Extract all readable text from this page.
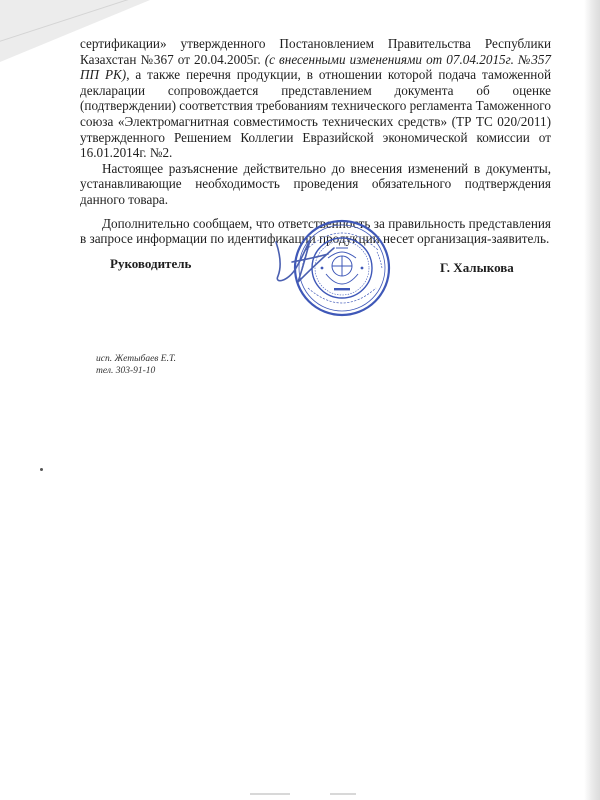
сертификации» утвержденного Постановлением Правительства Республики Казахстан №367 от 20.04.2005г. (с внесенными изменениями от 07.04.2015г. №357 ПП РК), а также перечня продукции, в отношении которой подача таможенной декларации сопровождается представлением документа об оценке (подтверждении) соответствия требованиям технического регламента Таможенного союза «Электромагнитная совместимость технических средств» (ТР ТС 020/2011) утвержденного Решением Коллегии Евразийской экономической комиссии от 16.01.2014г. №2.

Настоящее разъяснение действительно до внесения изменений в документы, устанавливающие необходимость проведения обязательного подтверждения данного товара.

Дополнительно сообщаем, что ответственность за правильность представления в запросе информации по идентификации продукции несет организация-заявитель.

Руководитель	Г. Халыкова
исп. Жетыбаев Е.Т.
тел. 303-91-10
